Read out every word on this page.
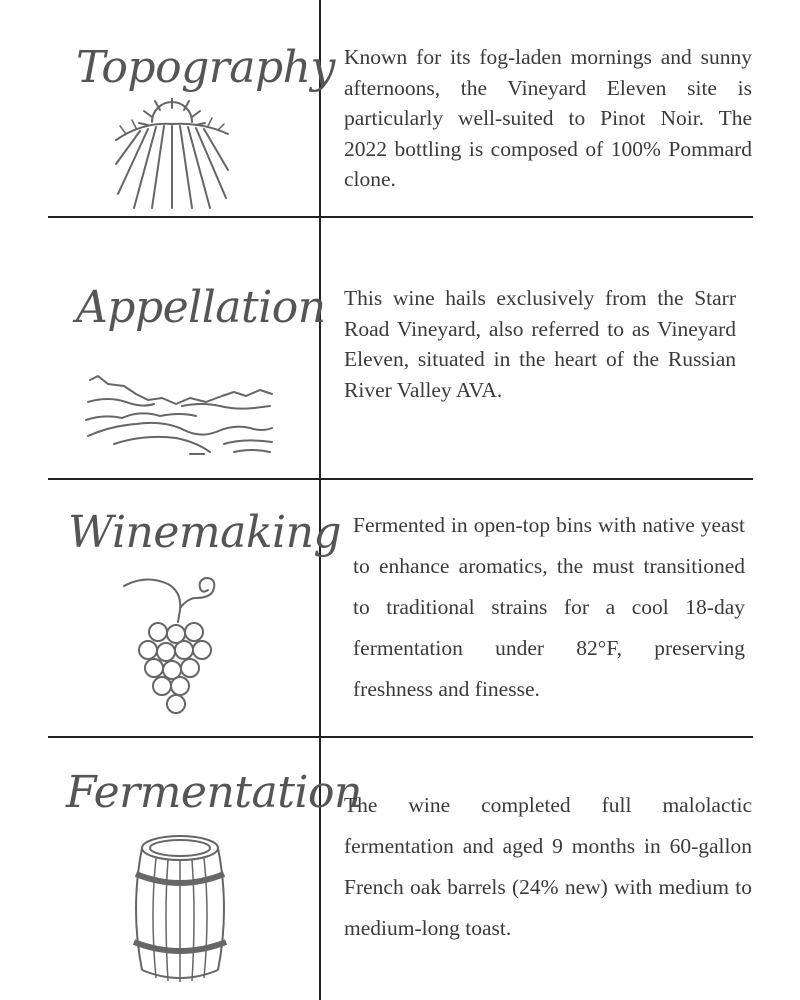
Topography Known for its fog-laden mornings and sunny afternoons, the Vineyard Eleven site is particularly well-suited to Pinot Noir. The 2022 bottling is composed of 100% Pommard clone.

Appellation This wine hails exclusively from the Starr Road Vineyard, also referred to as Vineyard Eleven, situated in the heart of the Russian River Valley AVA.

Winemaking Fermented in open-top bins with native yeast to enhance aromatics, the must transitioned to traditional strains for a cool 18-day fermentation under 82°F, preserving freshness and finesse.

Fermentation

The wine completed full malolactic fermentation and aged 9 months in 60-gallon French oak barrels (24% new) with medium to medium-long toast.
